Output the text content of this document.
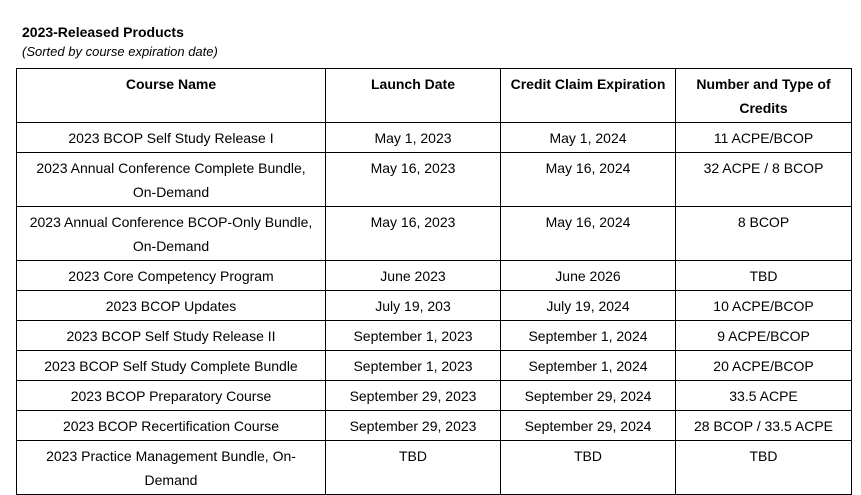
2023-Released Products
(Sorted by course expiration date)
Course Name	Launch Date	Credit Claim Expiration	Number and Type of Credits
2023 BCOP Self Study Release I	May 1, 2023	May 1, 2024	11 ACPE/BCOP
2023 Annual Conference Complete Bundle, On-Demand	May 16, 2023	May 16, 2024	32 ACPE / 8 BCOP
2023 Annual Conference BCOP-Only Bundle, On-Demand	May 16, 2023	May 16, 2024	8 BCOP
2023 Core Competency Program	June 2023	June 2026	TBD
2023 BCOP Updates	July 19, 203	July 19, 2024	10 ACPE/BCOP
2023 BCOP Self Study Release II	September 1, 2023	September 1, 2024	9 ACPE/BCOP
2023 BCOP Self Study Complete Bundle	September 1, 2023	September 1, 2024	20 ACPE/BCOP
2023 BCOP Preparatory Course	September 29, 2023	September 29, 2024	33.5 ACPE
2023 BCOP Recertification Course	September 29, 2023	September 29, 2024	28 BCOP / 33.5 ACPE
2023 Practice Management Bundle, On-Demand	TBD	TBD	TBD
